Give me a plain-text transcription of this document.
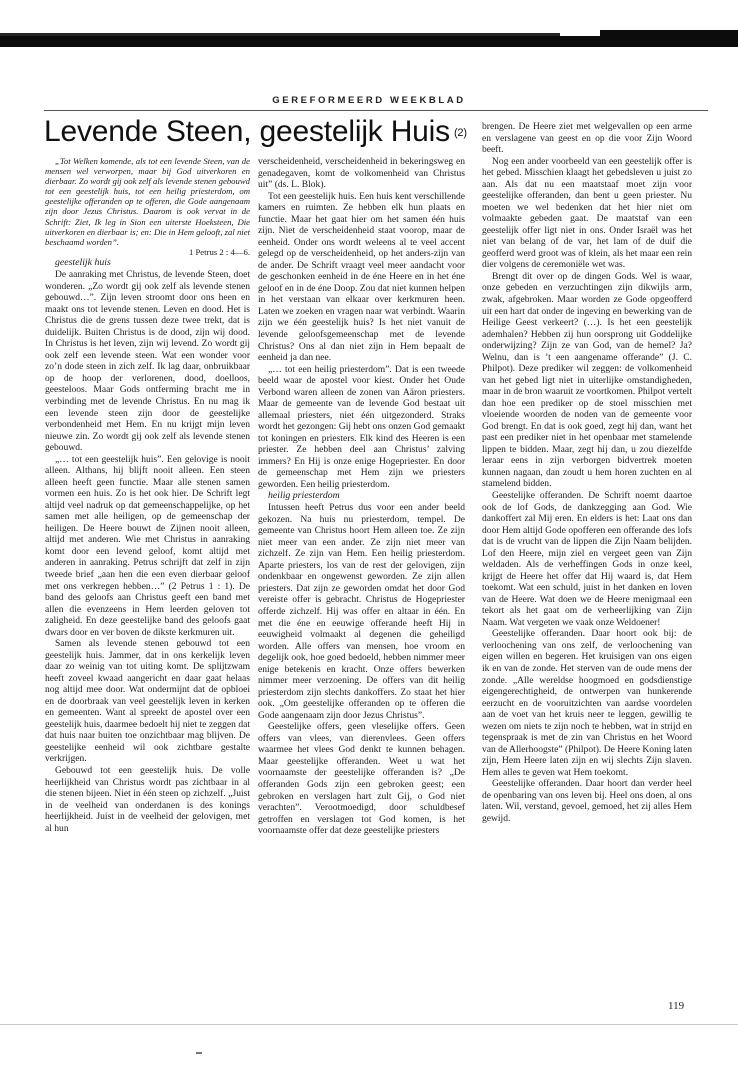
GEREFORMEERD WEEKBLAD
Levende Steen, geestelijk Huis (2)

„Tot Welken komende, als tot een levende Steen, van de mensen wel verworpen, maar bij God uitverkoren en dierbaar. Zo wordt gij ook zelf als levende stenen gebouwd tot een geestelijk huis, tot een heilig priesterdom, om geestelijke offeranden op te offeren, die Gode aangenaam zijn door Jezus Christus. Daarom is ook vervat in de Schrift: Ziet, Ik leg in Sion een uiterste Hoeksteen, Die uitverkoren en dierbaar is; en: Die in Hem gelooft, zal niet beschaamd worden”.

1 Petrus 2 : 4—6.

geestelijk huis

De aanraking met Christus, de levende Steen, doet wonderen. „Zo wordt gij ook zelf als levende stenen gebouwd…”. Zijn leven stroomt door ons heen en maakt ons tot levende stenen. Leven en dood. Het is Christus die de grens tussen deze twee trekt, dat is duidelijk. Buiten Christus is de dood, zijn wij dood. In Christus is het leven, zijn wij levend. Zo wordt gij ook zelf een levende steen. Wat een wonder voor zo’n dode steen in zich zelf. Ik lag daar, onbruikbaar op de hoop der verlorenen, dood, doelloos, geesteloos. Maar Gods ontferming bracht me in verbinding met de levende Christus. En nu mag ik een levende steen zijn door de geestelijke verbondenheid met Hem. En nu krijgt mijn leven nieuwe zin. Zo wordt gij ook zelf als levende stenen gebouwd.

„… tot een geestelijk huis”. Een gelovige is nooit alleen. Althans, hij blijft nooit alleen. Een steen alleen heeft geen functie. Maar alle stenen samen vormen een huis. Zo is het ook hier. De Schrift legt altijd veel nadruk op dat gemeenschappelijke, op het samen met alle heiligen, op de gemeenschap der heiligen. De Heere bouwt de Zijnen nooit alleen, altijd met anderen. Wie met Christus in aanraking komt door een levend geloof, komt altijd met anderen in aanraking. Petrus schrijft dat zelf in zijn tweede brief „aan hen die een even dierbaar geloof met ons verkregen hebben…” (2 Petrus 1 : 1). De band des geloofs aan Christus geeft een band met allen die evenzeens in Hem leerden geloven tot zaligheid. En deze geestelijke band des geloofs gaat dwars door en ver boven de dikste kerkmuren uit.

Samen als levende stenen gebouwd tot een geestelijk huis. Jammer, dat in ons kerkelijk leven daar zo weinig van tot uiting komt. De splijtzwam heeft zoveel kwaad aangericht en daar gaat helaas nog altijd mee door. Wat ondermijnt dat de opbloei en de doorbraak van veel geestelijk leven in kerken en gemeenten. Want al spreekt de apostel over een geestelijk huis, daarmee bedoelt hij niet te zeggen dat dat huis naar buiten toe onzichtbaar mag blijven. De geestelijke eenheid wil ook zichtbare gestalte verkrijgen.

Gebouwd tot een geestelijk huis. De volle heerlijkheid van Christus wordt pas zichtbaar in al die stenen bijeen. Niet in één steen op zichzelf. „Juist in de veelheid van onderdanen is des konings heerlijkheid. Juist in de veelheid der gelovigen, met al hun

verscheidenheid, verscheidenheid in bekeringsweg en genadegaven, komt de volkomenheid van Christus uit” (ds. L. Blok).

Tot een geestelijk huis. Een huis kent verschillende kamers en ruimten. Ze hebben elk hun plaats en functie. Maar het gaat hier om het samen één huis zijn. Niet de verscheidenheid staat voorop, maar de eenheid. Onder ons wordt weleens al te veel accent gelegd op de verscheidenheid, op het anders-zijn van de ander. De Schrift vraagt veel meer aandacht voor de geschonken eenheid in de éne Heere en in het éne geloof en in de éne Doop. Zou dat niet kunnen helpen in het verstaan van elkaar over kerkmuren heen. Laten we zoeken en vragen naar wat verbindt. Waarin zijn we één geestelijk huis? Is het niet vanuit de levende geloofsgemeenschap met de levende Christus? Ons al dan niet zijn in Hem bepaalt de eenheid ja dan nee.

„… tot een heilig priesterdom”. Dat is een tweede beeld waar de apostel voor kiest. Onder het Oude Verbond waren alleen de zonen van Aäron priesters. Maar de gemeente van de levende God bestaat uit allemaal priesters, niet één uitgezonderd. Straks wordt het gezongen: Gij hebt ons onzen God gemaakt tot koningen en priesters. Elk kind des Heeren is een priester. Ze hebben deel aan Christus’ zalving immers? En Hij is onze enige Hogepriester. En door de gemeenschap met Hem zijn we priesters geworden. Een heilig priesterdom.

heilig priesterdom

Intussen heeft Petrus dus voor een ander beeld gekozen. Na huis nu priesterdom, tempel. De gemeente van Christus hoort Hem alleen toe. Ze zijn niet meer van een ander. Ze zijn niet meer van zichzelf. Ze zijn van Hem. Een heilig priesterdom. Aparte priesters, los van de rest der gelovigen, zijn ondenkbaar en ongewenst geworden. Ze zijn allen priesters. Dat zijn ze geworden omdat het door God vereiste offer is gebracht. Christus de Hogepriester offerde zichzelf. Hij was offer en altaar in één. En met die éne en eeuwige offerande heeft Hij in eeuwigheid volmaakt al degenen die geheiligd worden. Alle offers van mensen, hoe vroom en degelijk ook, hoe goed bedoeld, hebben nimmer meer enige betekenis en kracht. Onze offers bewerken nimmer meer verzoening. De offers van dit heilig priesterdom zijn slechts dankoffers. Zo staat het hier ook. „Om geestelijke offeranden op te offeren die Gode aangenaam zijn door Jezus Christus”.

Geestelijke offers, geen vleselijke offers. Geen offers van vlees, van dierenvlees. Geen offers waarmee het vlees God denkt te kunnen behagen. Maar geestelijke offeranden. Weet u wat het voornaamste der geestelijke offeranden is? „De offeranden Gods zijn een gebroken geest; een gebroken en verslagen hart zult Gij, o God niet verachten”. Verootmoedigd, door schuldbesef getroffen en verslagen tot God komen, is het voornaamste offer dat deze geestelijke priesters

brengen. De Heere ziet met welgevallen op een arme en verslagene van geest en op die voor Zijn Woord beeft.

Nog een ander voorbeeld van een geestelijk offer is het gebed. Misschien klaagt het gebedsleven u juist zo aan. Als dat nu een maatstaaf moet zijn voor geestelijke offeranden, dan bent u geen priester. Nu moeten we wel bedenken dat het hier niet om volmaakte gebeden gaat. De maatstaf van een geestelijk offer ligt niet in ons. Onder Israël was het niet van belang of de var, het lam of de duif die geofferd werd groot was of klein, als het maar een rein dier volgens de ceremoniële wet was.

Brengt dit over op de dingen Gods. Wel is waar, onze gebeden en verzuchtingen zijn dikwijls arm, zwak, afgebroken. Maar worden ze Gode opgeofferd uit een hart dat onder de ingeving en bewerking van de Heilige Geest verkeert? (…). Is het een geestelijk ademhalen? Hebben zij hun oorsprong uit Goddelijke onderwijzing? Zijn ze van God, van de hemel? Ja? Welnu, dan is ’t een aangename offerande” (J. C. Philpot). Deze prediker wil zeggen: de volkomenheid van het gebed ligt niet in uiterlijke omstandigheden, maar in de bron waaruit ze voortkomen. Philpot vertelt dan hoe een prediker op de stoel misschien met vloeiende woorden de noden van de gemeente voor God brengt. En dat is ook goed, zegt hij dan, want het past een prediker niet in het openbaar met stamelende lippen te bidden. Maar, zegt hij dan, u zou diezelfde leraar eens in zijn verborgen bidvertrek moeten kunnen nagaan, dan zoudt u hem horen zuchten en al stamelend bidden.

Geestelijke offeranden. De Schrift noemt daartoe ook de lof Gods, de dankzegging aan God. Wie dankoffert zal Mij eren. En elders is het: Laat ons dan door Hem altijd Gode opofferen een offerande des lofs dat is de vrucht van de lippen die Zijn Naam belijden. Lof den Heere, mijn ziel en vergeet geen van Zijn weldaden. Als de verheffingen Gods in onze keel, krijgt de Heere het offer dat Hij waard is, dat Hem toekomt. Wat een schuld, juist in het danken en loven van de Heere. Wat doen we de Heere menigmaal een tekort als het gaat om de verheerlijking van Zijn Naam. Wat vergeten we vaak onze Weldoener!

Geestelijke offeranden. Daar hoort ook bij: de verloochening van ons zelf, de verloochening van eigen willen en begeren. Het kruisigen van ons eigen ik en van de zonde. Het sterven van de oude mens der zonde. „Alle wereldse hoogmoed en godsdienstige eigengerechtigheid, de ontwerpen van hunkerende eerzucht en de vooruitzichten van aardse voordelen aan de voet van het kruis neer te leggen, gewillig te wezen om niets te zijn noch te hebben, wat in strijd en tegenspraak is met de zin van Christus en het Woord van de Allerhoogste” (Philpot). De Heere Koning laten zijn, Hem Heere laten zijn en wij slechts Zijn slaven. Hem alles te geven wat Hem toekomt.

Geestelijke offeranden. Daar hoort dan verder heel de openbaring van ons leven bij. Heel ons doen, al ons laten. Wil, verstand, gevoel, gemoed, het zij alles Hem gewijd.

119
